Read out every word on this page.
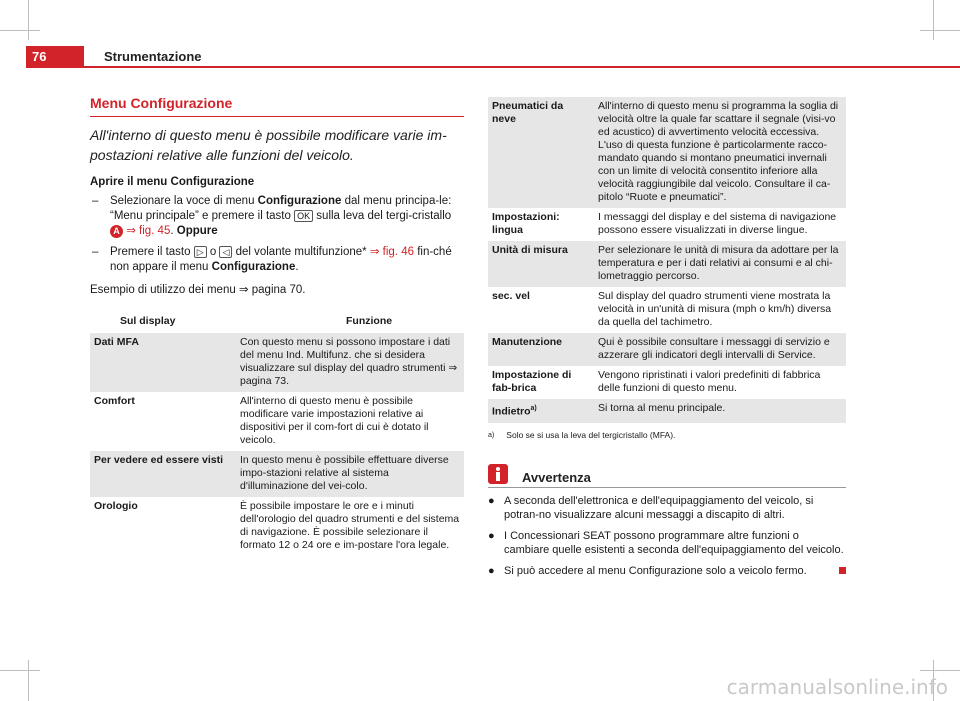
76	Strumentazione
Menu Configurazione

All'interno di questo menu è possibile modificare varie im-postazioni relative alle funzioni del veicolo.

Aprire il menu Configurazione

– Selezionare la voce di menu Configurazione dal menu principa-le: “Menu principale” e premere il tasto OK sulla leva del tergi-cristallo A ⇒ fig. 45. Oppure
– Premere il tasto ▷ o ◁ del volante multifunzione* ⇒ fig. 46 fin-ché non appare il menu Configurazione.

Esempio di utilizzo dei menu ⇒ pagina 70.

Sul display	Funzione
Dati MFA	Con questo menu si possono impostare i dati del menu Ind. Multifunz. che si desidera visualizzare sul display del quadro strumenti ⇒ pagina 73.
Comfort	All'interno di questo menu è possibile modificare varie impostazioni relative ai dispositivi per il com-fort di cui è dotato il veicolo.
Per vedere ed essere visti	In questo menu è possibile effettuare diverse impo-stazioni relative al sistema d'illuminazione del vei-colo.
Orologio	È possibile impostare le ore e i minuti dell'orologio del quadro strumenti e del sistema di navigazione. È possibile selezionare il formato 12 o 24 ore e im-postare l'ora legale.
Pneumatici da neve	All'interno di questo menu si programma la soglia di velocità oltre la quale far scattare il segnale (visi-vo ed acustico) di avvertimento velocità eccessiva. L'uso di questa funzione è particolarmente racco-mandato quando si montano pneumatici invernali con un limite di velocità consentito inferiore alla velocità raggiungibile dal veicolo. Consultare il ca-pitolo “Ruote e pneumatici”.
Impostazioni: lingua	I messaggi del display e del sistema di navigazione possono essere visualizzati in diverse lingue.
Unità di misura	Per selezionare le unità di misura da adottare per la temperatura e per i dati relativi ai consumi e al chi-lometraggio percorso.
sec. vel	Sul display del quadro strumenti viene mostrata la velocità in un'unità di misura (mph o km/h) diversa da quella del tachimetro.
Manutenzione	Qui è possibile consultare i messaggi di servizio e azzerare gli indicatori degli intervalli di Service.
Impostazione di fab-brica	Vengono ripristinati i valori predefiniti di fabbrica delle funzioni di questo menu.
Indietro$^{a)}$	Si torna al menu principale.
a) Solo se si usa la leva del tergicristallo (MFA).
Avvertenza
● A seconda dell'elettronica e dell'equipaggiamento del veicolo, si potran-no visualizzare alcuni messaggi a discapito di altri.
● I Concessionari SEAT possono programmare altre funzioni o cambiare quelle esistenti a seconda dell'equipaggiamento del veicolo.
● Si può accedere al menu Configurazione solo a veicolo fermo.
carmanualsonline.info
